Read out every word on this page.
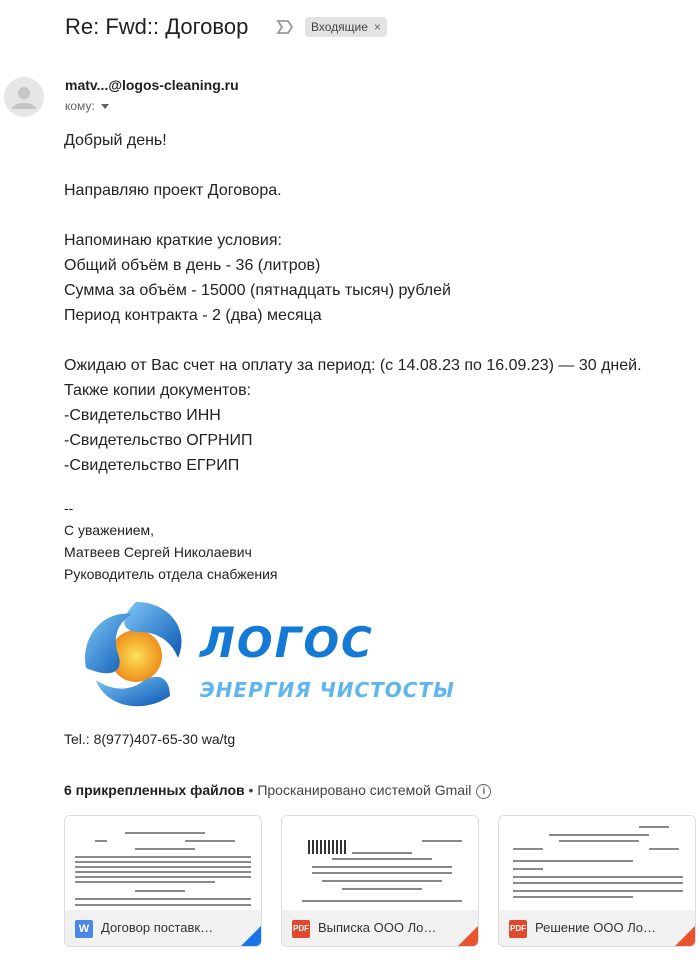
Re: Fwd:: Договор	Входящие ×
matv...@logos-cleaning.ru
кому:

Добрый день!

Направляю проект Договора.

Напоминаю краткие условия:

Общий объём в день - 36 (литров)

Сумма за объём - 15000 (пятнадцать тысяч) рублей

Период контракта - 2 (два) месяца

Ожидаю от Вас счет на оплату за период: (с 14.08.23 по 16.09.23) — 30 дней.

Также копии документов:

-Свидетельство ИНН

-Свидетельство ОГРНИП

-Свидетельство ЕГРИП

--

С уважением,

Матвеев Сергей Николаевич

Руководитель отдела снабжения

ЛОГОС
ЭНЕРГИЯ ЧИСТОСТЫ
Tel.: 8(977)407-65-30 wa/tg
6 прикрепленных файлов • Просканировано системой Gmail i
W Договор поставк…	PDF Выписка ООО Ло…	PDF Решение ООО Ло…
